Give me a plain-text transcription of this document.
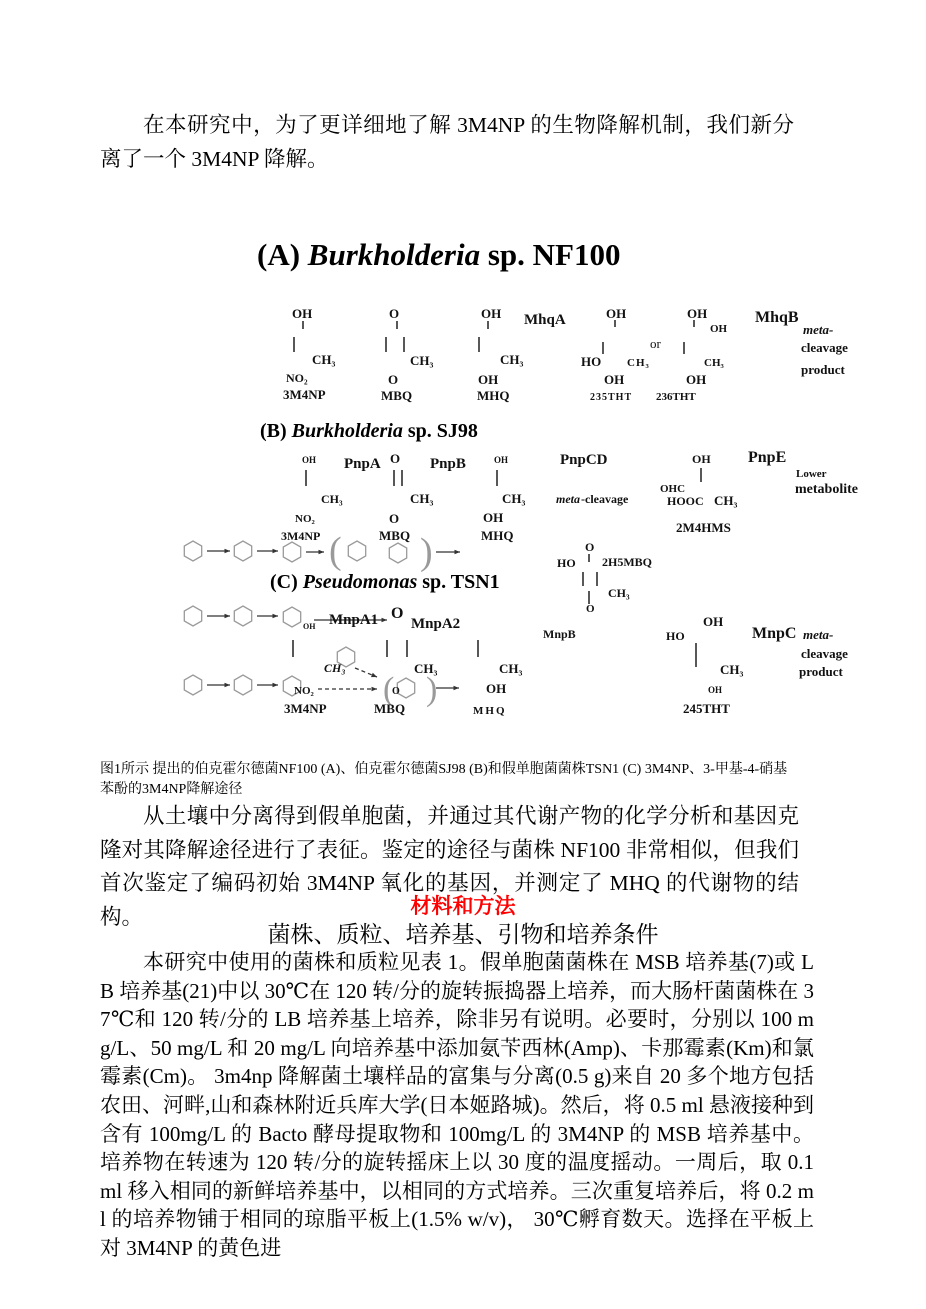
在本研究中，为了更详细地了解 3M4NP 的生物降解机制，我们新分离了一个 3M4NP 降解。
( )
( )
OH
CH₃
NO₂
3M4NP
O
CH₃
O
MBQ
OH MhqA
CH₃
OH
MHQ
OH
HO CH₃
OH
235THT
or
OH
OH
CH₃
OH
236THT
MhqB
meta-
cleavage
product
OH PnpA O PnpB	OH	PnpCD
CH₃	CH₃	CH₃	meta -cleavage
NO₂	O	OH
3M4NP	MBQ	MHQ
OH PnpE
Lower
metabolite
OHC
HOOC CH₃
2M4HMS
O
HO 2H5MBQ
CH₃
O
OH MnpA1 O
MnpA2
MnpB
CH₃
NO₂	O
CH₃
OH
CH₃
3M4NP	MBQ	MHQ
OH
HO	MnpC meta-
cleavage
product
CH₃
OH
245THT
(A) Burkholderia sp. NF100
(B) Burkholderia sp. SJ98
(C) Pseudomonas sp. TSN1
图1所示 提出的伯克霍尔德菌NF100 (A)、伯克霍尔德菌SJ98 (B)和假单胞菌菌株TSN1 (C) 3M4NP、3-甲基-4-硝基苯酚的3M4NP降解途径
从土壤中分离得到假单胞菌，并通过其代谢产物的化学分析和基因克隆对其降解途径进行了表征。鉴定的途径与菌株 NF100 非常相似，但我们首次鉴定了编码初始 3M4NP 氧化的基因，并测定了 MHQ 的代谢物的结构。	材料和方法
菌株、质粒、培养基、引物和培养条件
本研究中使用的菌株和质粒见表 1。假单胞菌菌株在 MSB 培养基(7)或 LB 培养基(21)中以 30℃在 120 转/分的旋转振捣器上培养，而大肠杆菌菌株在 37℃和 120 转/分的 LB 培养基上培养，除非另有说明。必要时，分别以 100 mg/L、50 mg/L 和 20 mg/L 向培养基中添加氨苄西林(Amp)、卡那霉素(Km)和氯霉素(Cm)。 3m4np 降解菌土壤样品的富集与分离(0.5 g)来自 20 多个地方包括农田、河畔,山和森林附近兵库大学(日本姬路城)。然后，将 0.5 ml 悬液接种到含有 100mg/L 的 Bacto 酵母提取物和 100mg/L 的 3M4NP 的 MSB 培养基中。培养物在转速为 120 转/分的旋转摇床上以 30 度的温度摇动。一周后，取 0.1 ml 移入相同的新鲜培养基中，以相同的方式培养。三次重复培养后，将 0.2 ml 的培养物铺于相同的琼脂平板上(1.5% w/v)， 30℃孵育数天。选择在平板上对 3M4NP 的黄色进
